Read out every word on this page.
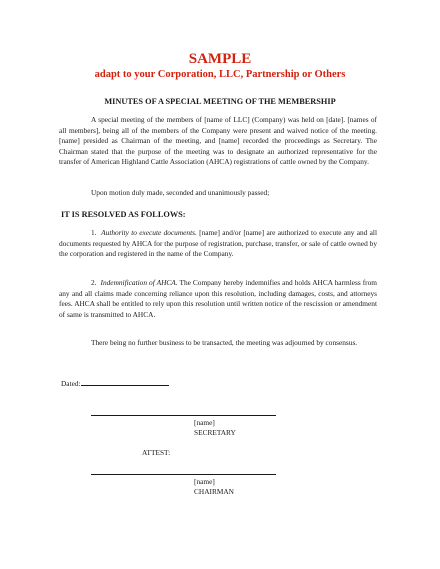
SAMPLE
adapt to your Corporation, LLC, Partnership or Others
MINUTES OF A SPECIAL MEETING OF THE MEMBERSHIP

A special meeting of the members of [name of LLC] (Company) was held on [date]. [names of all members], being all of the members of the Company were present and waived notice of the meeting. [name] presided as Chairman of the meeting, and [name] recorded the proceedings as Secretary. The Chairman stated that the purpose of the meeting was to designate an authorized representative for the transfer of American Highland Cattle Association (AHCA) registrations of cattle owned by the Company.

Upon motion duly made, seconded and unanimously passed;

IT IS RESOLVED AS FOLLOWS:

1. Authority to execute documents. [name] and/or [name] are authorized to execute any and all documents requested by AHCA for the purpose of registration, purchase, transfer, or sale of cattle owned by the corporation and registered in the name of the Company.

2. Indemnification of AHCA. The Company hereby indemnifies and holds AHCA harmless from any and all claims made concerning reliance upon this resolution, including damages, costs, and attorneys fees. AHCA shall be entitled to rely upon this resolution until written notice of the rescission or amendment of same is transmitted to AHCA.

There being no further business to be transacted, the meeting was adjourned by consensus.

Dated:
[name]
SECRETARY
ATTEST:
[name]
CHAIRMAN
